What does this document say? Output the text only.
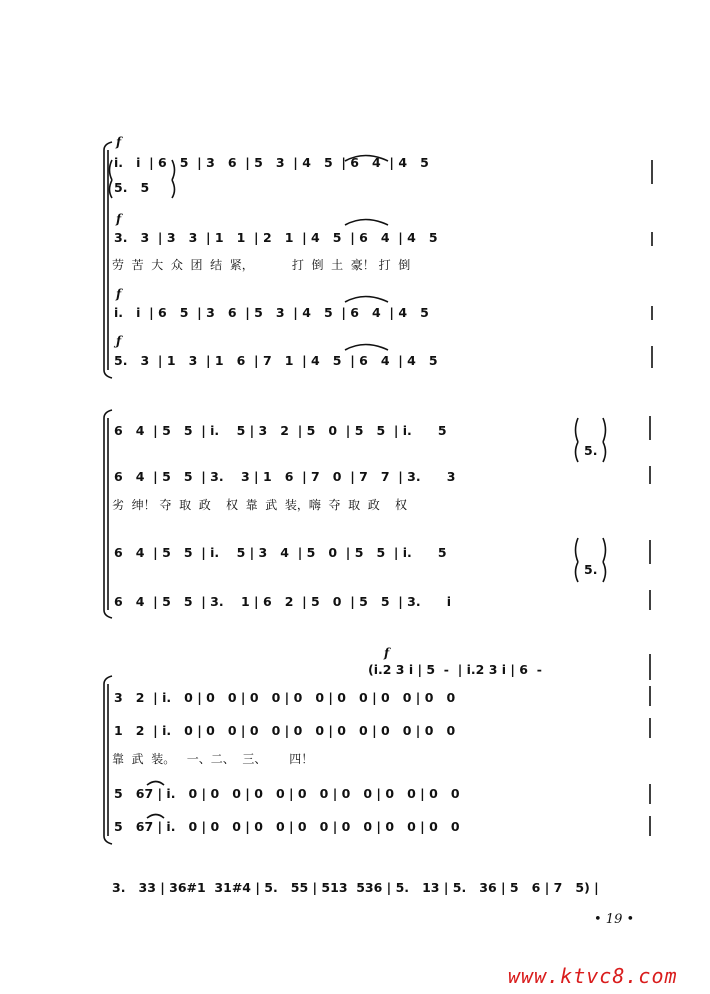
f
i.   i  | 6   5  | 3   6  | 5   3  | 4   5  | 6   4  | 4   5
5.   5
f
3.   3  | 3   3  | 1   1  | 2   1  | 4   5  | 6   4  | 4   5
劳  苦  大  众  团  结  紧，          打  倒  土  豪！ 打  倒
f
i.   i  | 6   5  | 3   6  | 5   3  | 4   5  | 6   4  | 4   5
ƒ
5.   3  | 1   3  | 1   6  | 7   1  | 4   5  | 6   4  | 4   5
6   4  | 5   5  | i.    5 | 3   2  | 5   0  | 5   5  | i.      5
5.
6   4  | 5   5  | 3.    3 | 1   6  | 7   0  | 7   7  | 3.      3
劣  绅！ 夺  取  政    权  靠  武  装，嗨  夺  取  政    权
6   4  | 5   5  | i.    5 | 3   4  | 5   0  | 5   5  | i.      5
5.
6   4  | 5   5  | 3.    1 | 6   2  | 5   0  | 5   5  | 3.      i
f
(i.2 3 i | 5  -  | i.2 3 i | 6  -
3   2  | i.   0 | 0   0 | 0   0 | 0   0 | 0   0 | 0   0 | 0   0
1   2  | i.   0 | 0   0 | 0   0 | 0   0 | 0   0 | 0   0 | 0   0
靠  武  装。   一、二、  三、      四！
5   67 | i.   0 | 0   0 | 0   0 | 0   0 | 0   0 | 0   0 | 0   0
5   67 | i.   0 | 0   0 | 0   0 | 0   0 | 0   0 | 0   0 | 0   0
3.   33 | 36#1  31#4 | 5.   55 | 513  536 | 5.   13 | 5.   36 | 5   6 | 7   5) |
• 19 •
www.ktvc8.com
